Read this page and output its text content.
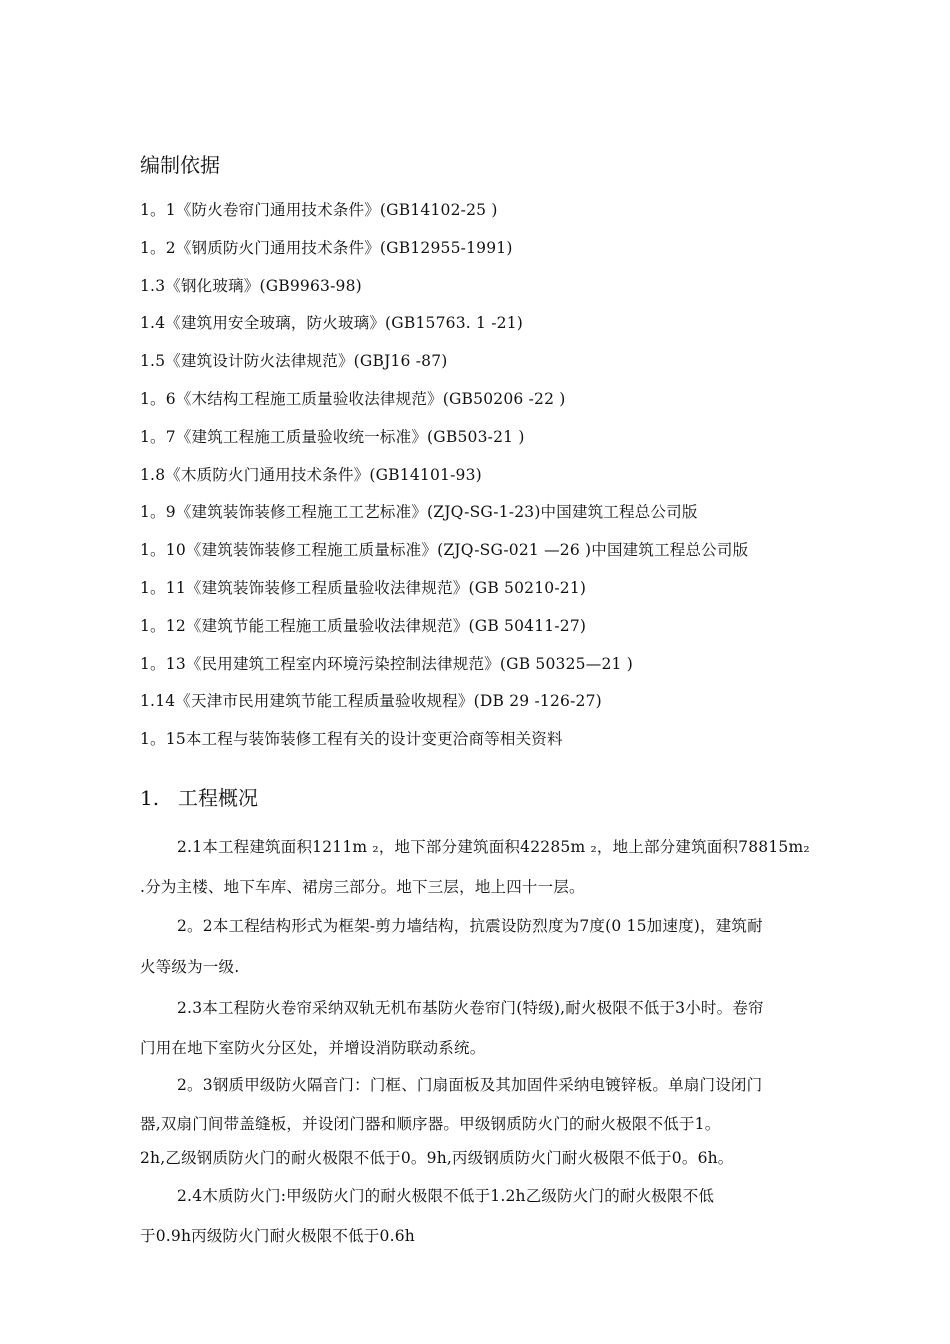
编制依据
1。1《防火卷帘门通用技术条件》(GB14102-25 )
1。2《钢质防火门通用技术条件》(GB12955-1991)
1.3《钢化玻璃》(GB9963-98)
1.4《建筑用安全玻璃，防火玻璃》(GB15763. 1 -21)
1.5《建筑设计防火法律规范》(GBJ16 -87)
1。6《木结构工程施工质量验收法律规范》(GB50206 -22 )
1。7《建筑工程施工质量验收统一标准》(GB503-21 )
1.8《木质防火门通用技术条件》(GB14101-93)
1。9《建筑装饰装修工程施工工艺标准》(ZJQ-SG-1-23)中国建筑工程总公司版
1。10《建筑装饰装修工程施工质量标准》(ZJQ-SG-021 —26 )中国建筑工程总公司版
1。11《建筑装饰装修工程质量验收法律规范》(GB 50210-21)
1。12《建筑节能工程施工质量验收法律规范》(GB 50411-27)
1。13《民用建筑工程室内环境污染控制法律规范》(GB 50325—21 )
1.14《天津市民用建筑节能工程质量验收规程》(DB 29 -126-27)
1。15本工程与装饰装修工程有关的设计变更洽商等相关资料
1. 工程概况
2.1本工程建筑面积1211m ₂，地下部分建筑面积42285m ₂，地上部分建筑面积78815m₂
.分为主楼、地下车库、裙房三部分。地下三层，地上四十一层。
2。2本工程结构形式为框架-剪力墙结构，抗震设防烈度为7度(0 15加速度)，建筑耐
火等级为一级.
2.3本工程防火卷帘采纳双轨无机布基防火卷帘门(特级),耐火极限不低于3小时。卷帘
门用在地下室防火分区处，并增设消防联动系统。
2。3钢质甲级防火隔音门：门框、门扇面板及其加固件采纳电镀锌板。单扇门设闭门
器,双扇门间带盖缝板，并设闭门器和顺序器。甲级钢质防火门的耐火极限不低于1。
2h,乙级钢质防火门的耐火极限不低于0。9h,丙级钢质防火门耐火极限不低于0。6h。
2.4木质防火门:甲级防火门的耐火极限不低于1.2h乙级防火门的耐火极限不低
于0.9h丙级防火门耐火极限不低于0.6h
